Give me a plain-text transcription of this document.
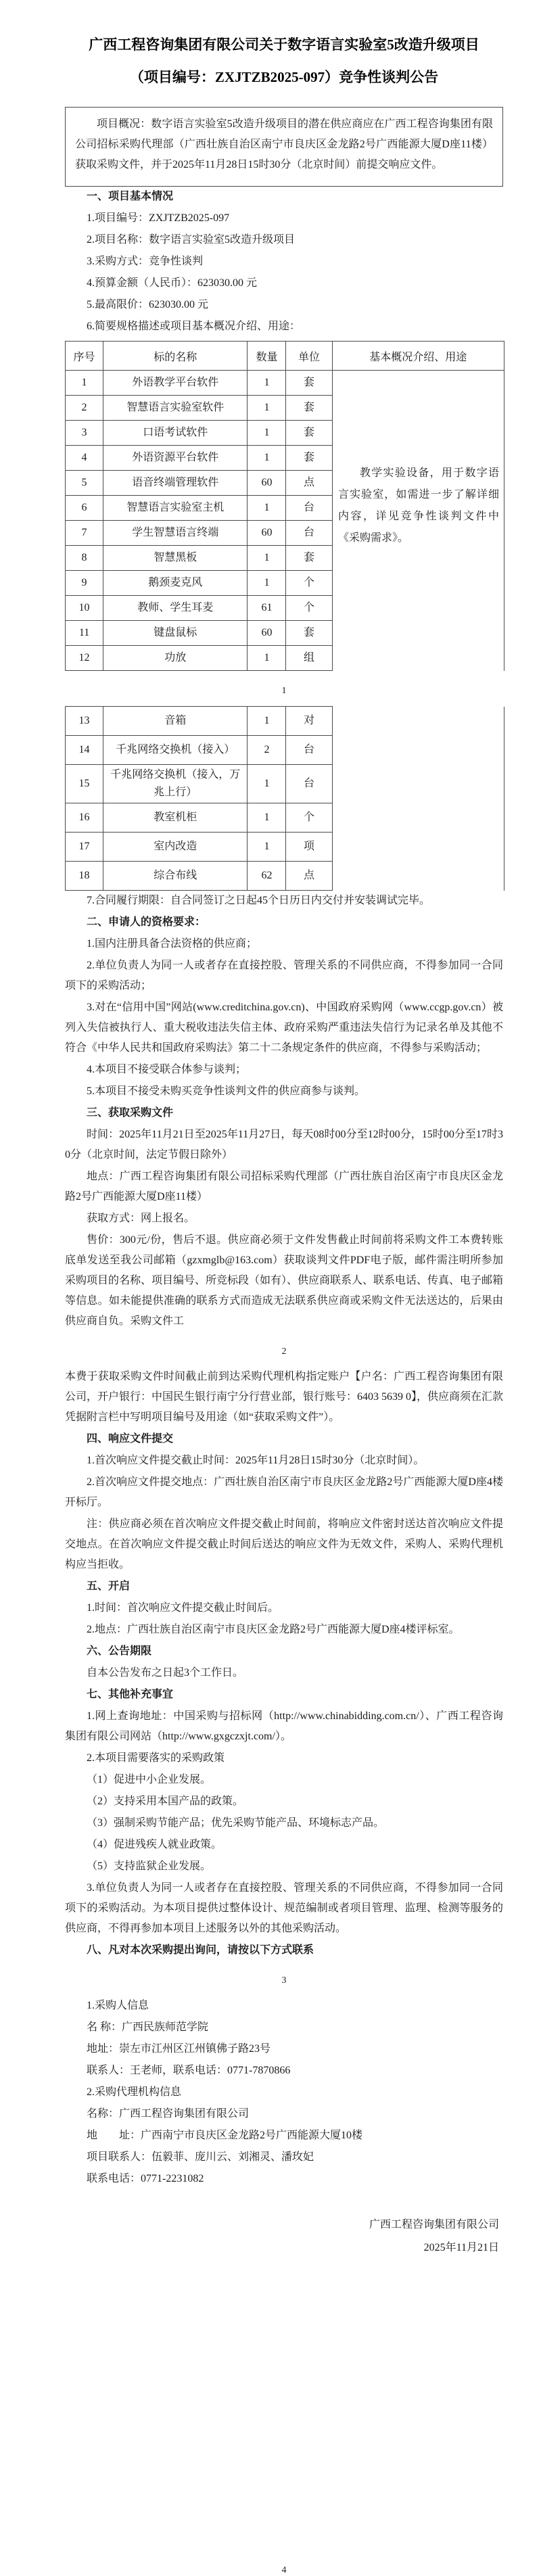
广西工程咨询集团有限公司关于数字语言实验室5改造升级项目
（项目编号：ZXJTZB2025-097）竞争性谈判公告

项目概况：数字语言实验室5改造升级项目的潜在供应商应在广西工程咨询集团有限公司招标采购代理部（广西壮族自治区南宁市良庆区金龙路2号广西能源大厦D座11楼）获取采购文件，并于2025年11月28日15时30分（北京时间）前提交响应文件。

一、项目基本情况

1.项目编号：ZXJTZB2025-097

2.项目名称：数字语言实验室5改造升级项目

3.采购方式：竞争性谈判

4.预算金额（人民币）：623030.00 元

5.最高限价：623030.00 元

6.简要规格描述或项目基本概况介绍、用途：

序号	标的名称	数量	单位	基本概况介绍、用途
1	外语教学平台软件	1	套	
2	智慧语言实验室软件	1	套	
3	口语考试软件	1	套	
4	外语资源平台软件	1	套	
5	语音终端管理软件	60	点	
6	智慧语言实验室主机	1	台	
7	学生智慧语言终端	60	台	
8	智慧黑板	1	套	
9	鹅颈麦克风	1	个	
10	教师、学生耳麦	61	个	
11	键盘鼠标	60	套	
12	功放	1	组	
教学实验设备，用于数字语言实验室，如需进一步了解详细内容，详见竞争性谈判文件中《采购需求》。
1
13	音箱	1	对	
14	千兆网络交换机（接入）	2	台	
15	千兆网络交换机（接入，万兆上行）	1	台	
16	教室机柜	1	个	
17	室内改造	1	项	
18	综合布线	62	点	

7.合同履行期限：自合同签订之日起45个日历日内交付并安装调试完毕。

二、申请人的资格要求：

1.国内注册具备合法资格的供应商；

2.单位负责人为同一人或者存在直接控股、管理关系的不同供应商，不得参加同一合同项下的采购活动；

3.对在“信用中国”网站(www.creditchina.gov.cn)、中国政府采购网（www.ccgp.gov.cn）被列入失信被执行人、重大税收违法失信主体、政府采购严重违法失信行为记录名单及其他不符合《中华人民共和国政府采购法》第二十二条规定条件的供应商，不得参与采购活动；

4.本项目不接受联合体参与谈判；

5.本项目不接受未购买竞争性谈判文件的供应商参与谈判。

三、获取采购文件

时间：2025年11月21日至2025年11月27日，每天08时00分至12时00分，15时00分至17时30分（北京时间，法定节假日除外）

地点：广西工程咨询集团有限公司招标采购代理部（广西壮族自治区南宁市良庆区金龙路2号广西能源大厦D座11楼）

获取方式：网上报名。

售价：300元/份，售后不退。供应商必须于文件发售截止时间前将采购文件工本费转账底单发送至我公司邮箱（gzxmglb@163.com）获取谈判文件PDF电子版，邮件需注明所参加采购项目的名称、项目编号、所竞标段（如有）、供应商联系人、联系电话、传真、电子邮箱等信息。如未能提供准确的联系方式而造成无法联系供应商或采购文件无法送达的，后果由供应商自负。采购文件工

2

本费于获取采购文件时间截止前到达采购代理机构指定账户【户名：广西工程咨询集团有限公司，开户银行：中国民生银行南宁分行营业部，银行账号：6403 5639 0】，供应商须在汇款凭据附言栏中写明项目编号及用途（如“获取采购文件”）。

四、响应文件提交

1.首次响应文件提交截止时间：2025年11月28日15时30分（北京时间）。

2.首次响应文件提交地点：广西壮族自治区南宁市良庆区金龙路2号广西能源大厦D座4楼开标厅。

注：供应商必须在首次响应文件提交截止时间前，将响应文件密封送达首次响应文件提交地点。在首次响应文件提交截止时间后送达的响应文件为无效文件，采购人、采购代理机构应当拒收。

五、开启

1.时间：首次响应文件提交截止时间后。

2.地点：广西壮族自治区南宁市良庆区金龙路2号广西能源大厦D座4楼评标室。

六、公告期限

自本公告发布之日起3个工作日。

七、其他补充事宜

1.网上查询地址：中国采购与招标网（http://www.chinabidding.com.cn/）、广西工程咨询集团有限公司网站（http://www.gxgczxjt.com/）。

2.本项目需要落实的采购政策

（1）促进中小企业发展。

（2）支持采用本国产品的政策。

（3）强制采购节能产品；优先采购节能产品、环境标志产品。

（4）促进残疾人就业政策。

（5）支持监狱企业发展。

3.单位负责人为同一人或者存在直接控股、管理关系的不同供应商，不得参加同一合同项下的采购活动。为本项目提供过整体设计、规范编制或者项目管理、监理、检测等服务的供应商，不得再参加本项目上述服务以外的其他采购活动。

八、凡对本次采购提出询问，请按以下方式联系

3

1.采购人信息

名 称：广西民族师范学院

地址：崇左市江州区江州镇佛子路23号

联系人：王老师，联系电话：0771-7870866

2.采购代理机构信息

名称：广西工程咨询集团有限公司

地　　址：广西南宁市良庆区金龙路2号广西能源大厦10楼

项目联系人：伍毅菲、庞川云、刘湘灵、潘玫妃

联系电话：0771-2231082

广西工程咨询集团有限公司
2025年11月21日
4
